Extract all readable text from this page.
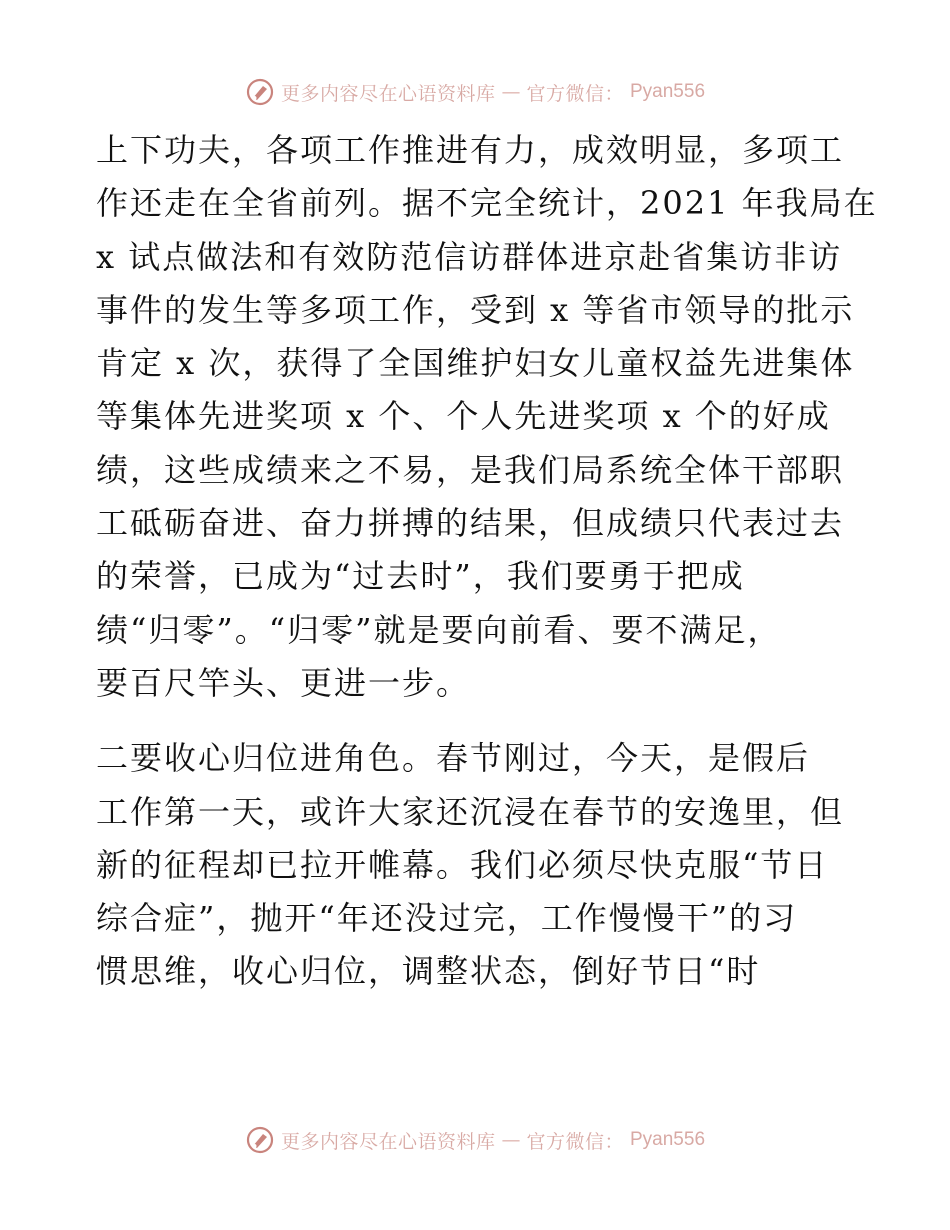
更多内容尽在心语资料库 — 官方微信： Pyan556

上下功夫，各项工作推进有力，成效明显，多项工
作还走在全省前列。据不完全统计，2021 年我局在
x 试点做法和有效防范信访群体进京赴省集访非访
事件的发生等多项工作，受到 x 等省市领导的批示
肯定 x 次，获得了全国维护妇女儿童权益先进集体
等集体先进奖项 x 个、个人先进奖项 x 个的好成
绩，这些成绩来之不易，是我们局系统全体干部职
工砥砺奋进、奋力拼搏的结果，但成绩只代表过去
的荣誉，已成为“过去时”，我们要勇于把成
绩“归零”。“归零”就是要向前看、要不满足，
要百尺竿头、更进一步。

二要收心归位进角色。春节刚过，今天，是假后
工作第一天，或许大家还沉浸在春节的安逸里，但
新的征程却已拉开帷幕。我们必须尽快克服“节日
综合症”，抛开“年还没过完，工作慢慢干”的习
惯思维，收心归位，调整状态，倒好节日“时

更多内容尽在心语资料库 — 官方微信： Pyan556
